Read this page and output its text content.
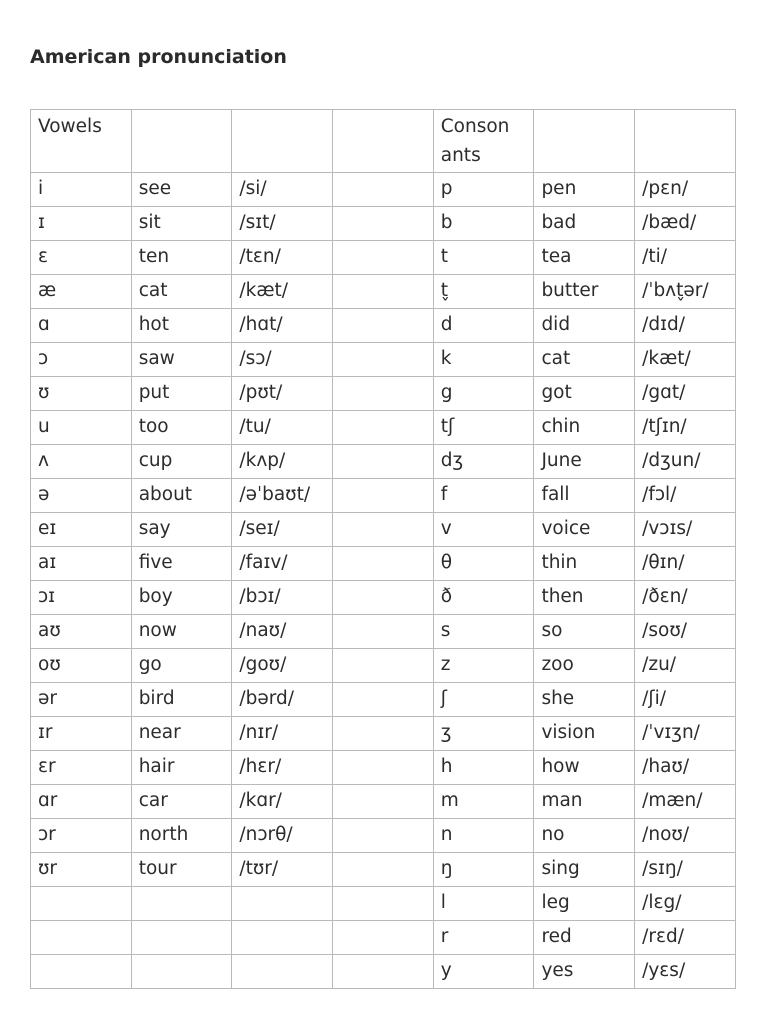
American pronunciation
Vowels				Conson ants		

i	see	/si/		p	pen	/pɛn/
ɪ	sit	/sɪt/		b	bad	/bæd/
ɛ	ten	/tɛn/		t	tea	/ti/
æ	cat	/kæt/		t̬	butter	/ˈbʌt̬ər/
ɑ	hot	/hɑt/		d	did	/dɪd/
ɔ	saw	/sɔ/		k	cat	/kæt/
ʊ	put	/pʊt/		g	got	/gɑt/
u	too	/tu/		tʃ	chin	/tʃɪn/
ʌ	cup	/kʌp/		dʒ	June	/dʒun/
ə	about	/əˈbaʊt/		f	fall	/fɔl/
eɪ	say	/seɪ/		v	voice	/vɔɪs/
aɪ	five	/faɪv/		θ	thin	/θɪn/
ɔɪ	boy	/bɔɪ/		ð	then	/ðɛn/
aʊ	now	/naʊ/		s	so	/soʊ/
oʊ	go	/goʊ/		z	zoo	/zu/
ər	bird	/bərd/		ʃ	she	/ʃi/
ɪr	near	/nɪr/		ʒ	vision	/ˈvɪʒn/
ɛr	hair	/hɛr/		h	how	/haʊ/
ɑr	car	/kɑr/		m	man	/mæn/
ɔr	north	/nɔrθ/		n	no	/noʊ/
ʊr	tour	/tʊr/		ŋ	sing	/sɪŋ/
				l	leg	/lɛg/
				r	red	/rɛd/
				y	yes	/yɛs/
